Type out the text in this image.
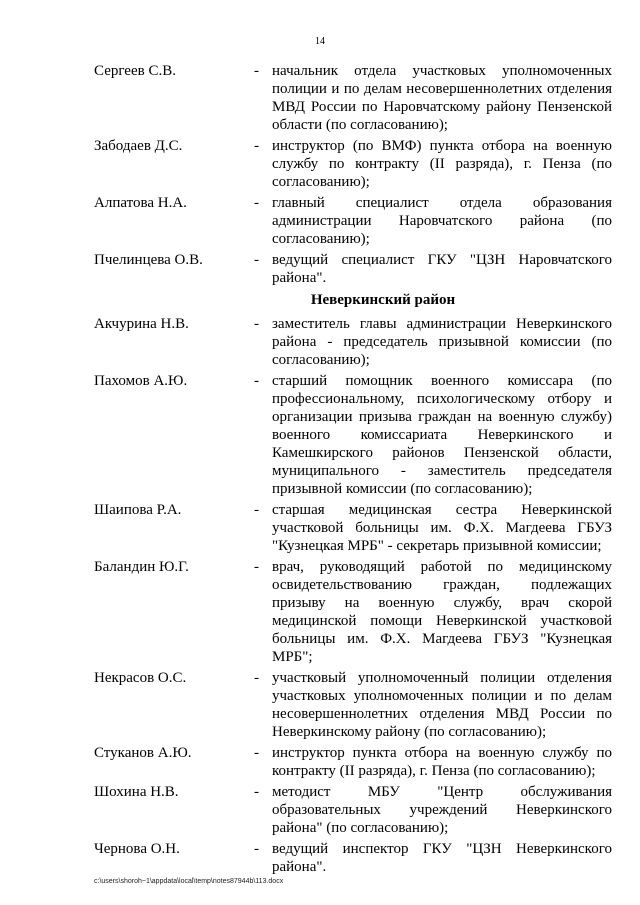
14
Сергеев С.В.	- начальник отдела участковых уполномоченных полиции и по делам несовершеннолетних отделения МВД России по Наровчатскому району Пензенской области (по согласованию);
Забодаев Д.С.	- инструктор (по ВМФ) пункта отбора на военную службу по контракту (II разряда), г. Пенза (по согласованию);
Алпатова Н.А.	- главный специалист отдела образования администрации Наровчатского района (по согласованию);
Пчелинцева О.В.	- ведущий специалист ГКУ "ЦЗН Наровчатского района".
Неверкинский район
Акчурина Н.В.	- заместитель главы администрации Неверкинского района - председатель призывной комиссии (по согласованию);
Пахомов А.Ю.	- старший помощник военного комиссара (по профессиональному, психологическому отбору и организации призыва граждан на военную службу) военного комиссариата Неверкинского и Камешкирского районов Пензенской области, муниципального - заместитель председателя призывной комиссии (по согласованию);
Шаипова Р.А.	- старшая медицинская сестра Неверкинской участковой больницы им. Ф.Х. Магдеева ГБУЗ "Кузнецкая МРБ" - секретарь призывной комиссии;
Баландин Ю.Г.	- врач, руководящий работой по медицинскому освидетельствованию граждан, подлежащих призыву на военную службу, врач скорой медицинской помощи Неверкинской участковой больницы им. Ф.Х. Магдеева ГБУЗ "Кузнецкая МРБ";
Некрасов О.С.	- участковый уполномоченный полиции отделения участковых уполномоченных полиции и по делам несовершеннолетних отделения МВД России по Неверкинскому району (по согласованию);
Стуканов А.Ю.	- инструктор пункта отбора на военную службу по контракту (II разряда), г. Пенза (по согласованию);
Шохина Н.В.	- методист МБУ "Центр обслуживания образовательных учреждений Неверкинского района" (по согласованию);
Чернова О.Н.	- ведущий инспектор ГКУ "ЦЗН Неверкинского района".
c:\users\shoroh~1\appdata\local\temp\notes87944b\113.docx
